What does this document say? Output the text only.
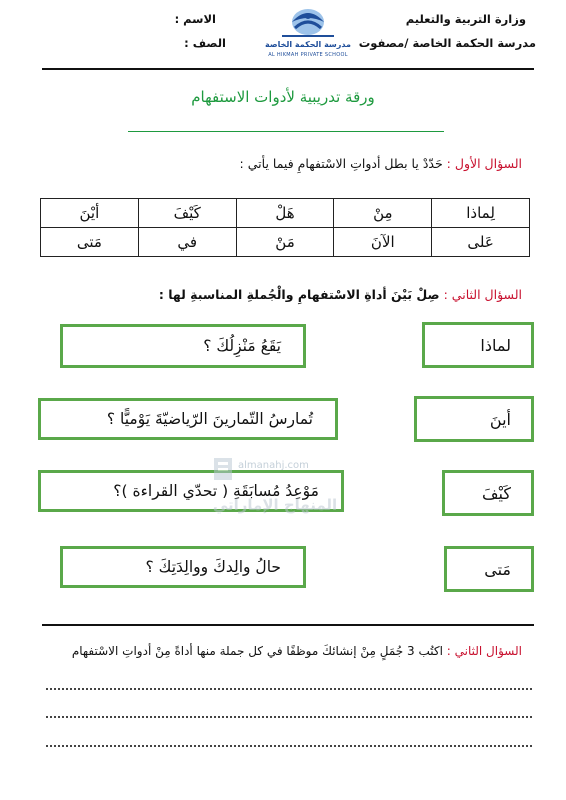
وزارة التربية والتعليم
مدرسة الحكمة الخاصة /مصفوت
الاسم :
الصف :	مدرسة الحكمة الخاصة
AL HIKMAH PRIVATE SCHOOL
ورقة تدريبية لأدوات الاستفهام
السؤال الأول : حَدّدْ يا بطل أدواتِ الاسْتفهامِ فيما يأتي :
لِماذا	مِنْ	هَلْ	كَيْفَ	أيْنَ
عَلى	الآنَ	مَنْ	في	مَتى
السؤال الثاني : صِلْ بَيْنَ أداةِ الاسْتفهامِ والْجُملةِ المناسبةِ لها :
لماذا
يَقَعُ مَنْزِلُكَ ؟
أينَ
تُمارسُ التّمارينَ الرّياضيّةَ يَوْميًّا ؟
كَيْفَ
مَوْعِدُ مُسابَقَةِ ( تحدّي القراءة )؟
مَتى
حالُ والِدكَ ووالِدَتِكَ ؟
almanahj.com
المنهاج الإماراتي
السؤال الثاني : اكتُب 3 جُمَلٍ مِنْ إنشائكَ موظفًا في كل جملة منها أداةً مِنْ أدواتِ الاسْتفهام
